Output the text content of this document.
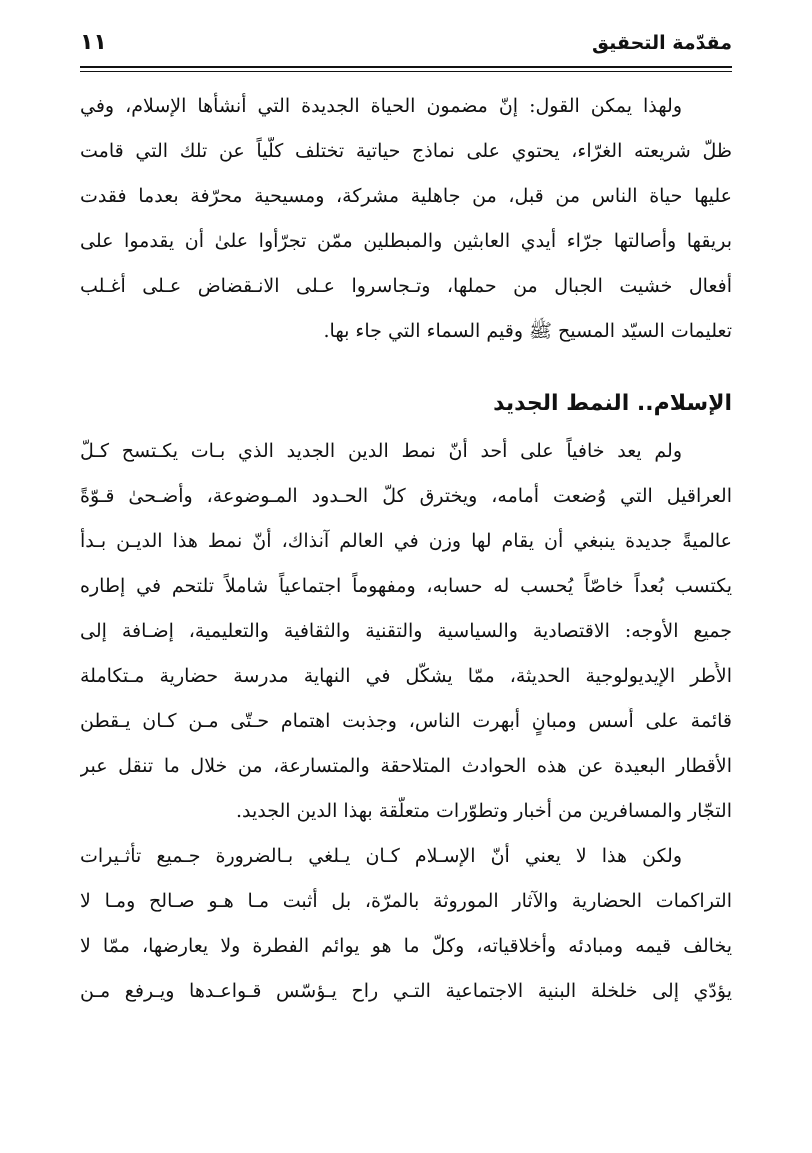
مقدّمة التحقيق
١١
ولهذا يمكن القول: إنّ مضمون الحياة الجديدة التي أنشأها الإسلام، وفي
ظلّ شريعته الغرّاء، يحتوي على نماذج حياتية تختلف كلّياً عن تلك التي قامت
عليها حياة الناس من قبل، من جاهلية مشركة، ومسيحية محرّفة بعدما فقدت
بريقها وأصالتها جرّاء أيدي العابثين والمبطلين ممّن تجرّأوا علىٰ أن يقدموا على
أفعال خشيت الجبال من حملها، وتـجاسروا عـلى الانـقضاض عـلى أغـلب
تعليمات السيّد المسيح ﷺ وقيم السماء التي جاء بها.
الإسلام.. النمط الجديد
ولم يعد خافياً على أحد أنّ نمط الدين الجديد الذي بـات يكـتسح كـلّ
العراقيل التي وُضعت أمامه، ويخترق كلّ الحـدود المـوضوعة، وأضـحىٰ قـوّةً
عالميةً جديدة ينبغي أن يقام لها وزن في العالم آنذاك، أنّ نمط هذا الديـن بـدأ
يكتسب بُعداً خاصّاً يُحسب له حسابه، ومفهوماً اجتماعياً شاملاً تلتحم في إطاره
جميع الأوجه: الاقتصادية والسياسية والتقنية والثقافية والتعليمية، إضـافة إلى
الأُطر الإيديولوجية الحديثة، ممّا يشكّل في النهاية مدرسة حضارية مـتكاملة
قائمة على أُسس ومبانٍ أبهرت الناس، وجذبت اهتمام حـتّى مـن كـان يـقطن
الأقطار البعيدة عن هذه الحوادث المتلاحقة والمتسارعة، من خلال ما تنقل عبر
التجّار والمسافرين من أخبار وتطوّرات متعلّقة بهذا الدين الجديد.
ولكن هذا لا يعني أنّ الإسـلام كـان يـلغي بـالضرورة جـميع تأثـيرات
التراكمات الحضارية والآثار الموروثة بالمرّة، بل أثبت مـا هـو صـالح ومـا لا
يخالف قيمه ومبادئه وأخلاقياته، وكلّ ما هو يوائم الفطرة ولا يعارضها، ممّا لا
يؤدّي إلى خلخلة البنية الاجتماعية التـي راح يـؤسّس قـواعـدها ويـرفع مـن
